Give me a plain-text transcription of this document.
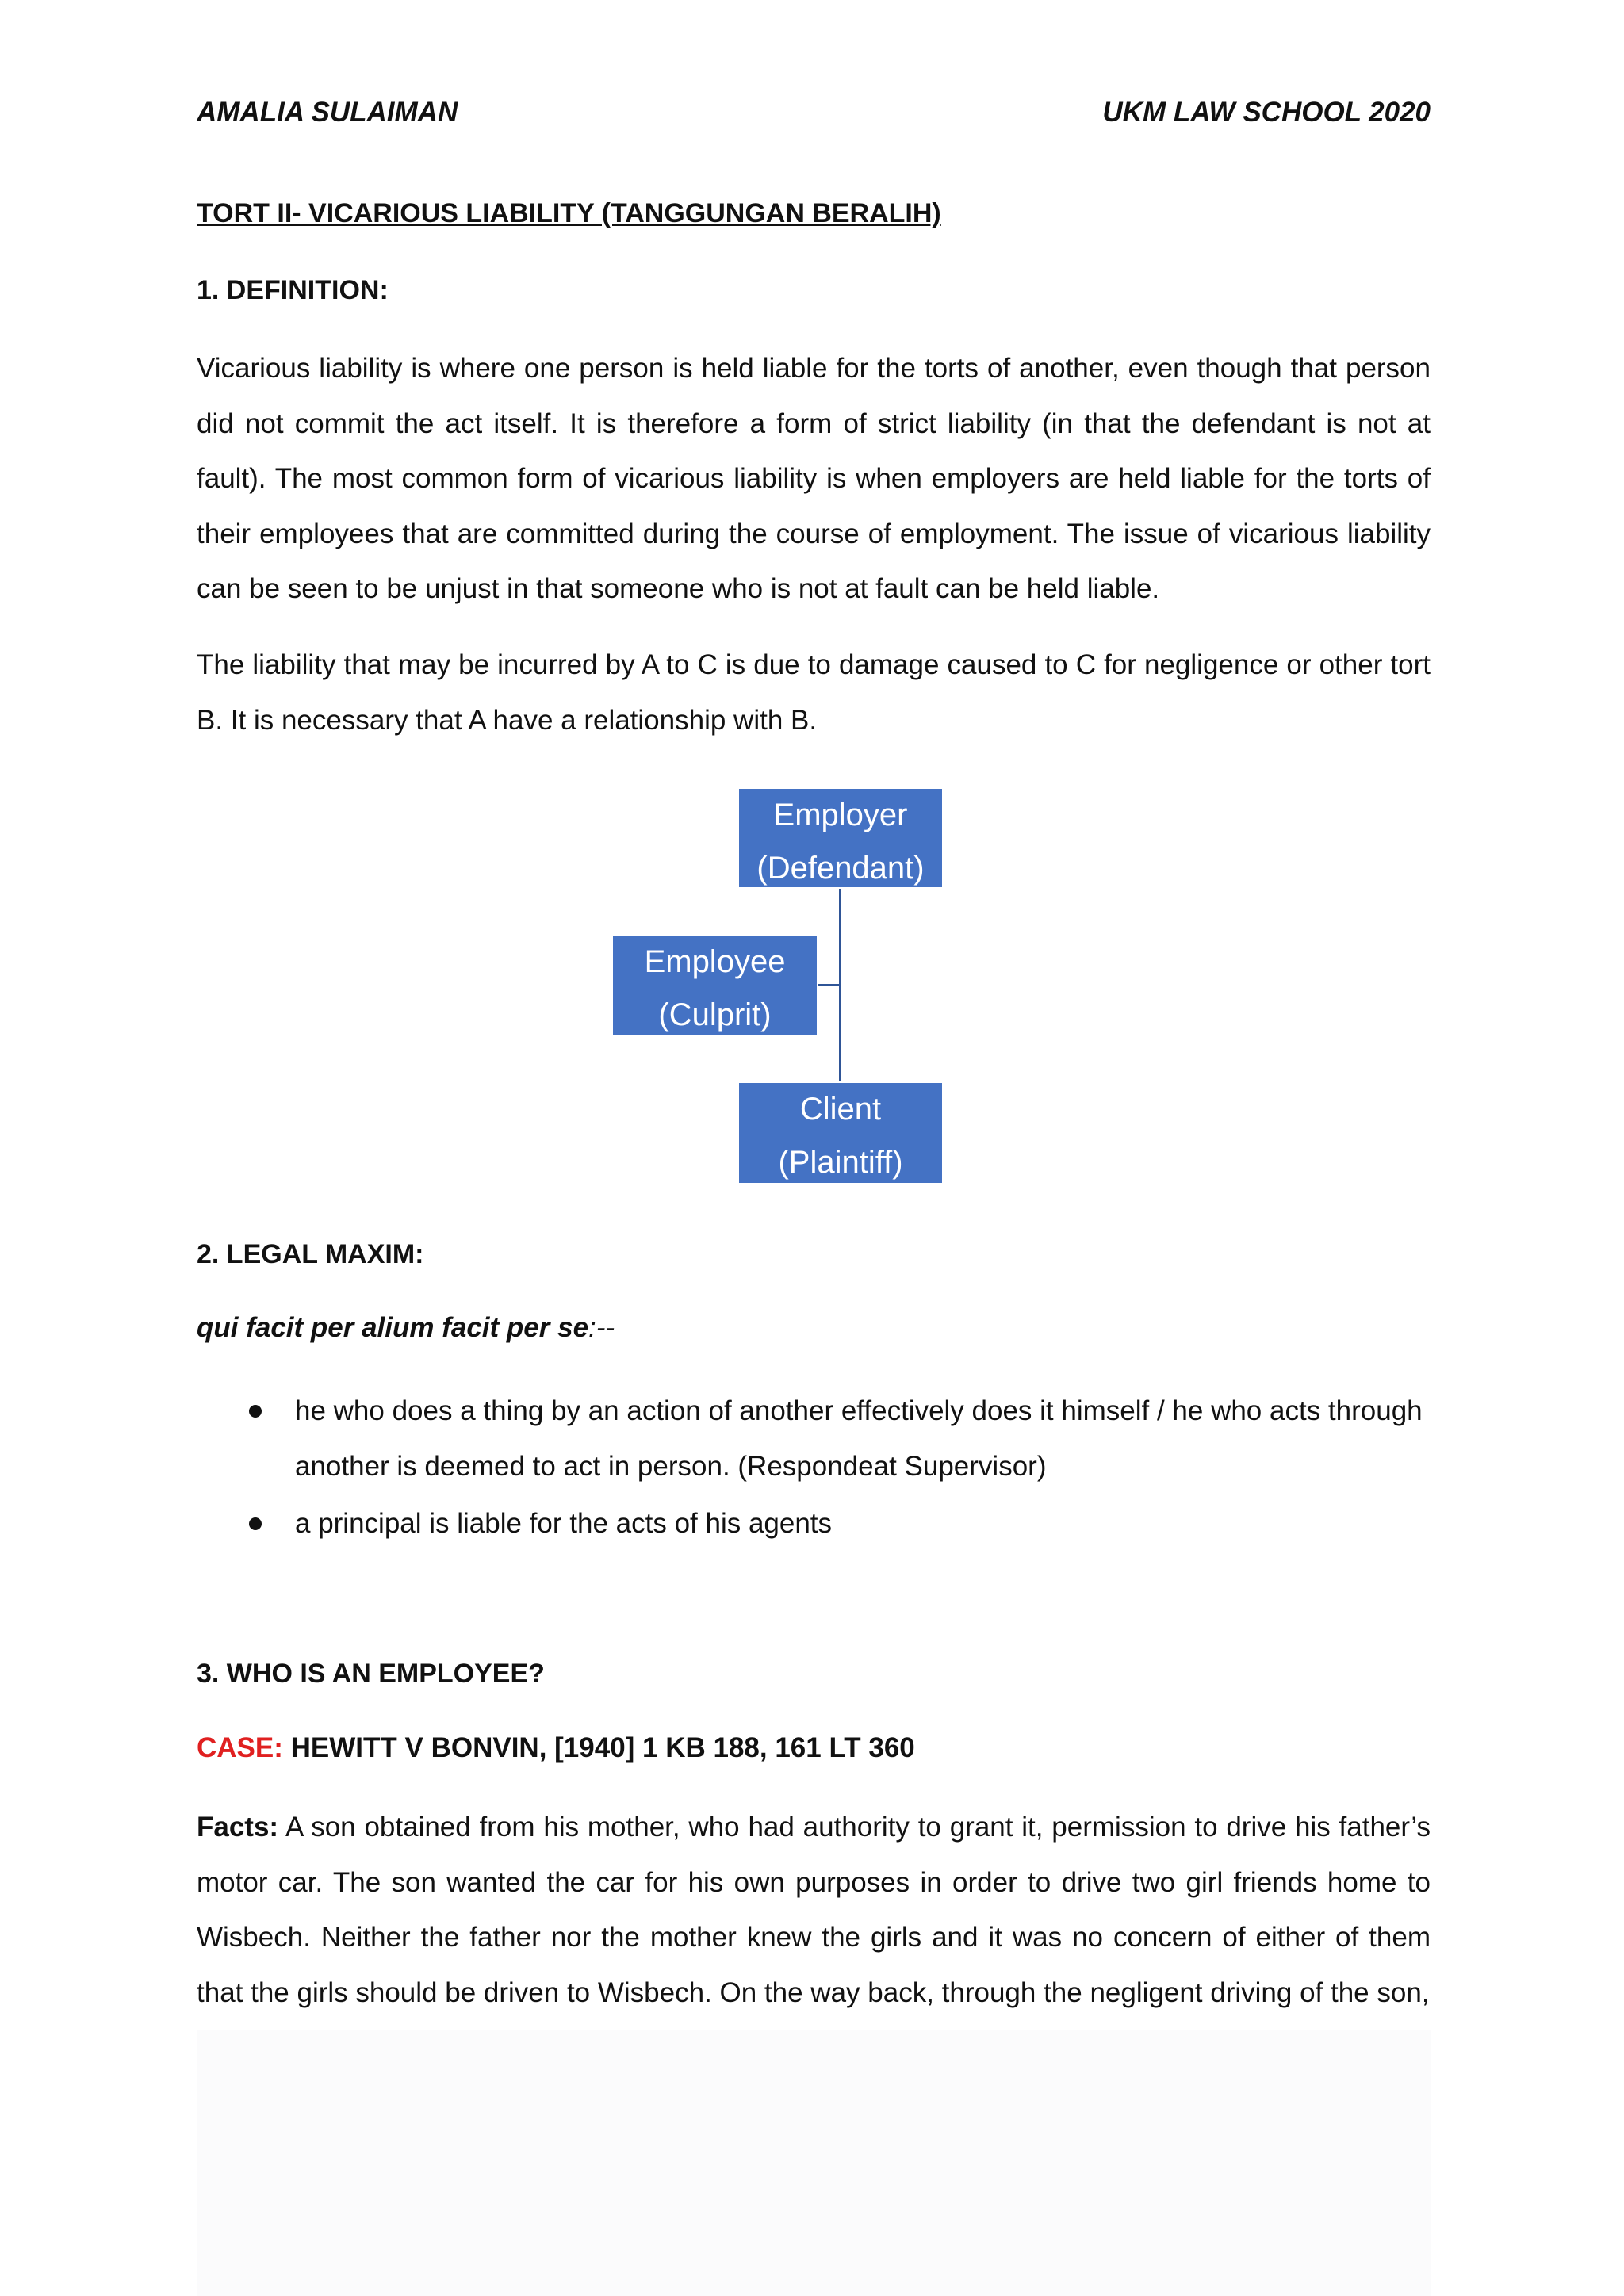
AMALIA SULAIMAN	UKM LAW SCHOOL 2020
TORT II- VICARIOUS LIABILITY (TANGGUNGAN BERALIH)
1. DEFINITION:

Vicarious liability is where one person is held liable for the torts of another, even though that person did not commit the act itself. It is therefore a form of strict liability (in that the defendant is not at fault). The most common form of vicarious liability is when employers are held liable for the torts of their employees that are committed during the course of employment. The issue of vicarious liability can be seen to be unjust in that someone who is not at fault can be held liable.

The liability that may be incurred by A to C is due to damage caused to C for negligence or other tort B. It is necessary that A have a relationship with B.

Employer
(Defendant)
Employee
(Culprit)
Client
(Plaintiff)
2. LEGAL MAXIM:
qui facit per alium facit per se:--
he who does a thing by an action of another effectively does it himself / he who acts through another is deemed to act in person. (Respondeat Supervisor)
a principal is liable for the acts of his agents
3. WHO IS AN EMPLOYEE?
CASE: HEWITT V BONVIN, [1940] 1 KB 188, 161 LT 360

Facts: A son obtained from his mother, who had authority to grant it, permission to drive his father’s motor car. The son wanted the car for his own purposes in order to drive two girl friends home to Wisbech. Neither the father nor the mother knew the girls and it was no concern of either of them that the girls should be driven to Wisbech. On the way back, through the negligent driving of the son,
